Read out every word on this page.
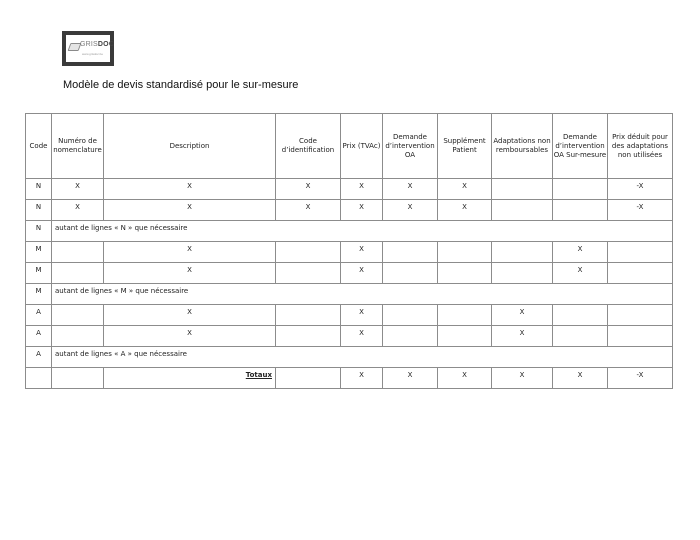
GRISDOC
www.grisdoc.be
Modèle de devis standardisé pour le sur-mesure
Code	Numéro de nomenclature	Description	Code d’identification	Prix (TVAc)	Demande d’intervention OA	Supplément Patient	Adaptations non remboursables	Demande d’intervention OA Sur-mesure	Prix déduit pour des adaptations non utilisées
N	X	X	X	X	X	X			-X
N	X	X	X	X	X	X			-X
N	autant de lignes « N » que nécessaire								
M		X		X				X	
M		X		X				X	
M	autant de lignes « M » que nécessaire								
A		X		X			X		
A		X		X			X		
A	autant de lignes « A » que nécessaire								
		Totaux		X	X	X	X	X	-X
